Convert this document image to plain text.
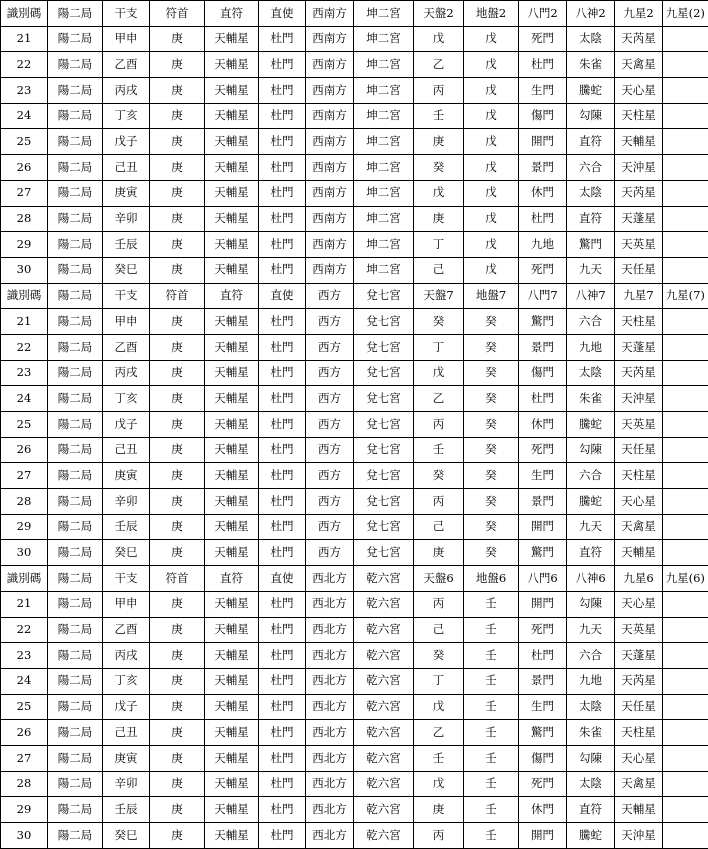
識別碼	陽二局	干支	符首	直符	直使	西南方	坤二宮	天盤2	地盤2	八門2	八神2	九星2	九星(2)
21	陽二局	甲申	庚	天輔星	杜門	西南方	坤二宮	戊	戊	死門	太陰	天芮星	
22	陽二局	乙酉	庚	天輔星	杜門	西南方	坤二宮	乙	戊	杜門	朱雀	天禽星	
23	陽二局	丙戌	庚	天輔星	杜門	西南方	坤二宮	丙	戊	生門	騰蛇	天心星	
24	陽二局	丁亥	庚	天輔星	杜門	西南方	坤二宮	壬	戊	傷門	勾陳	天柱星	
25	陽二局	戊子	庚	天輔星	杜門	西南方	坤二宮	庚	戊	開門	直符	天輔星	
26	陽二局	己丑	庚	天輔星	杜門	西南方	坤二宮	癸	戊	景門	六合	天沖星	
27	陽二局	庚寅	庚	天輔星	杜門	西南方	坤二宮	戊	戊	休門	太陰	天芮星	
28	陽二局	辛卯	庚	天輔星	杜門	西南方	坤二宮	庚	戊	杜門	直符	天蓬星	
29	陽二局	壬辰	庚	天輔星	杜門	西南方	坤二宮	丁	戊	九地	驚門	天英星	
30	陽二局	癸巳	庚	天輔星	杜門	西南方	坤二宮	己	戊	死門	九天	天任星	
識別碼	陽二局	干支	符首	直符	直使	西方	兌七宮	天盤7	地盤7	八門7	八神7	九星7	九星(7)
21	陽二局	甲申	庚	天輔星	杜門	西方	兌七宮	癸	癸	驚門	六合	天柱星	
22	陽二局	乙酉	庚	天輔星	杜門	西方	兌七宮	丁	癸	景門	九地	天蓬星	
23	陽二局	丙戌	庚	天輔星	杜門	西方	兌七宮	戊	癸	傷門	太陰	天芮星	
24	陽二局	丁亥	庚	天輔星	杜門	西方	兌七宮	乙	癸	杜門	朱雀	天沖星	
25	陽二局	戊子	庚	天輔星	杜門	西方	兌七宮	丙	癸	休門	騰蛇	天英星	
26	陽二局	己丑	庚	天輔星	杜門	西方	兌七宮	壬	癸	死門	勾陳	天任星	
27	陽二局	庚寅	庚	天輔星	杜門	西方	兌七宮	癸	癸	生門	六合	天柱星	
28	陽二局	辛卯	庚	天輔星	杜門	西方	兌七宮	丙	癸	景門	騰蛇	天心星	
29	陽二局	壬辰	庚	天輔星	杜門	西方	兌七宮	己	癸	開門	九天	天禽星	
30	陽二局	癸巳	庚	天輔星	杜門	西方	兌七宮	庚	癸	驚門	直符	天輔星	
識別碼	陽二局	干支	符首	直符	直使	西北方	乾六宮	天盤6	地盤6	八門6	八神6	九星6	九星(6)
21	陽二局	甲申	庚	天輔星	杜門	西北方	乾六宮	丙	壬	開門	勾陳	天心星	
22	陽二局	乙酉	庚	天輔星	杜門	西北方	乾六宮	己	壬	死門	九天	天英星	
23	陽二局	丙戌	庚	天輔星	杜門	西北方	乾六宮	癸	壬	杜門	六合	天蓬星	
24	陽二局	丁亥	庚	天輔星	杜門	西北方	乾六宮	丁	壬	景門	九地	天芮星	
25	陽二局	戊子	庚	天輔星	杜門	西北方	乾六宮	戊	壬	生門	太陰	天任星	
26	陽二局	己丑	庚	天輔星	杜門	西北方	乾六宮	乙	壬	驚門	朱雀	天柱星	
27	陽二局	庚寅	庚	天輔星	杜門	西北方	乾六宮	壬	壬	傷門	勾陳	天心星	
28	陽二局	辛卯	庚	天輔星	杜門	西北方	乾六宮	戊	壬	死門	太陰	天禽星	
29	陽二局	壬辰	庚	天輔星	杜門	西北方	乾六宮	庚	壬	休門	直符	天輔星	
30	陽二局	癸巳	庚	天輔星	杜門	西北方	乾六宮	丙	壬	開門	騰蛇	天沖星	
